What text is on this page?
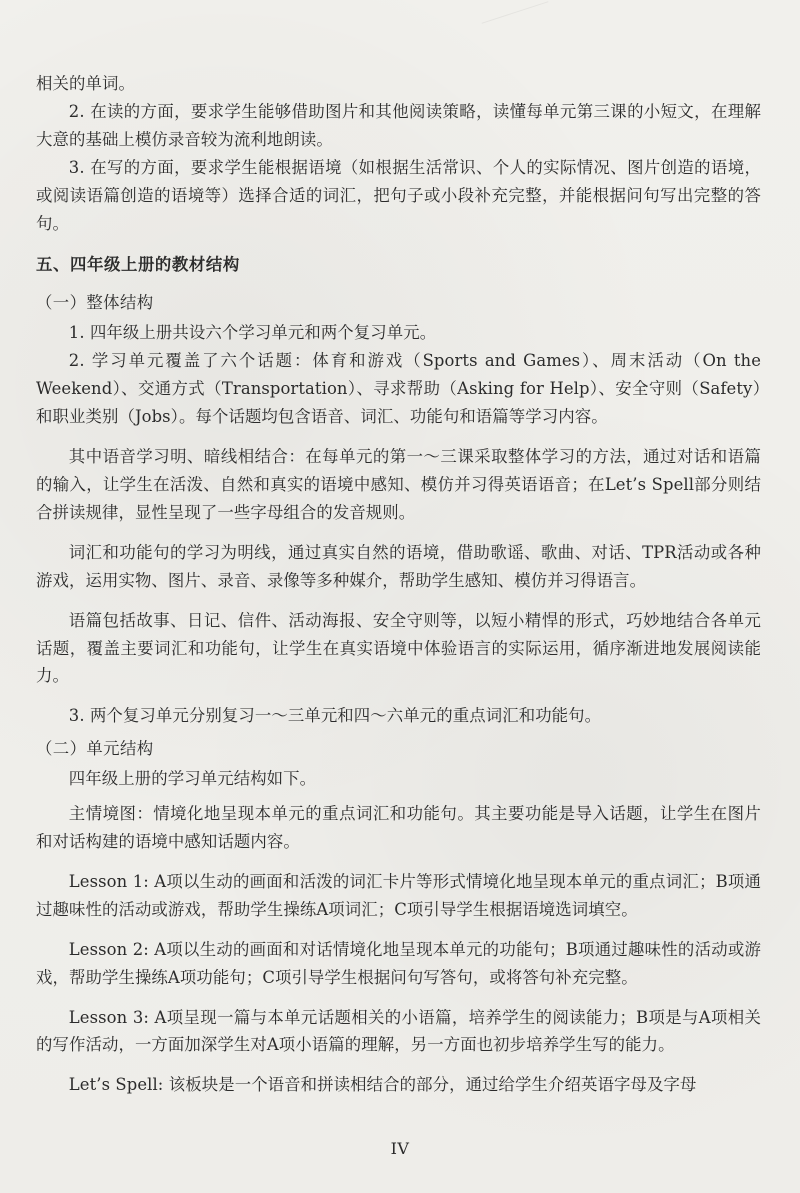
相关的单词。

2. 在读的方面，要求学生能够借助图片和其他阅读策略，读懂每单元第三课的小短文，在理解大意的基础上模仿录音较为流利地朗读。

3. 在写的方面，要求学生能根据语境（如根据生活常识、个人的实际情况、图片创造的语境，或阅读语篇创造的语境等）选择合适的词汇，把句子或小段补充完整，并能根据问句写出完整的答句。

五、四年级上册的教材结构
（一）整体结构

1. 四年级上册共设六个学习单元和两个复习单元。

2. 学习单元覆盖了六个话题：体育和游戏（Sports and Games）、周末活动（On the Weekend）、交通方式（Transportation）、寻求帮助（Asking for Help）、安全守则（Safety）和职业类别（Jobs）。每个话题均包含语音、词汇、功能句和语篇等学习内容。

其中语音学习明、暗线相结合：在每单元的第一～三课采取整体学习的方法，通过对话和语篇的输入，让学生在活泼、自然和真实的语境中感知、模仿并习得英语语音；在Let’s Spell部分则结合拼读规律，显性呈现了一些字母组合的发音规则。

词汇和功能句的学习为明线，通过真实自然的语境，借助歌谣、歌曲、对话、TPR活动或各种游戏，运用实物、图片、录音、录像等多种媒介，帮助学生感知、模仿并习得语言。

语篇包括故事、日记、信件、活动海报、安全守则等，以短小精悍的形式，巧妙地结合各单元话题，覆盖主要词汇和功能句，让学生在真实语境中体验语言的实际运用，循序渐进地发展阅读能力。

3. 两个复习单元分别复习一～三单元和四～六单元的重点词汇和功能句。

（二）单元结构

四年级上册的学习单元结构如下。

主情境图：情境化地呈现本单元的重点词汇和功能句。其主要功能是导入话题，让学生在图片和对话构建的语境中感知话题内容。

Lesson 1: A项以生动的画面和活泼的词汇卡片等形式情境化地呈现本单元的重点词汇；B项通过趣味性的活动或游戏，帮助学生操练A项词汇；C项引导学生根据语境选词填空。

Lesson 2: A项以生动的画面和对话情境化地呈现本单元的功能句；B项通过趣味性的活动或游戏，帮助学生操练A项功能句；C项引导学生根据问句写答句，或将答句补充完整。

Lesson 3: A项呈现一篇与本单元话题相关的小语篇，培养学生的阅读能力；B项是与A项相关的写作活动，一方面加深学生对A项小语篇的理解，另一方面也初步培养学生写的能力。

Let’s Spell: 该板块是一个语音和拼读相结合的部分，通过给学生介绍英语字母及字母

IV
